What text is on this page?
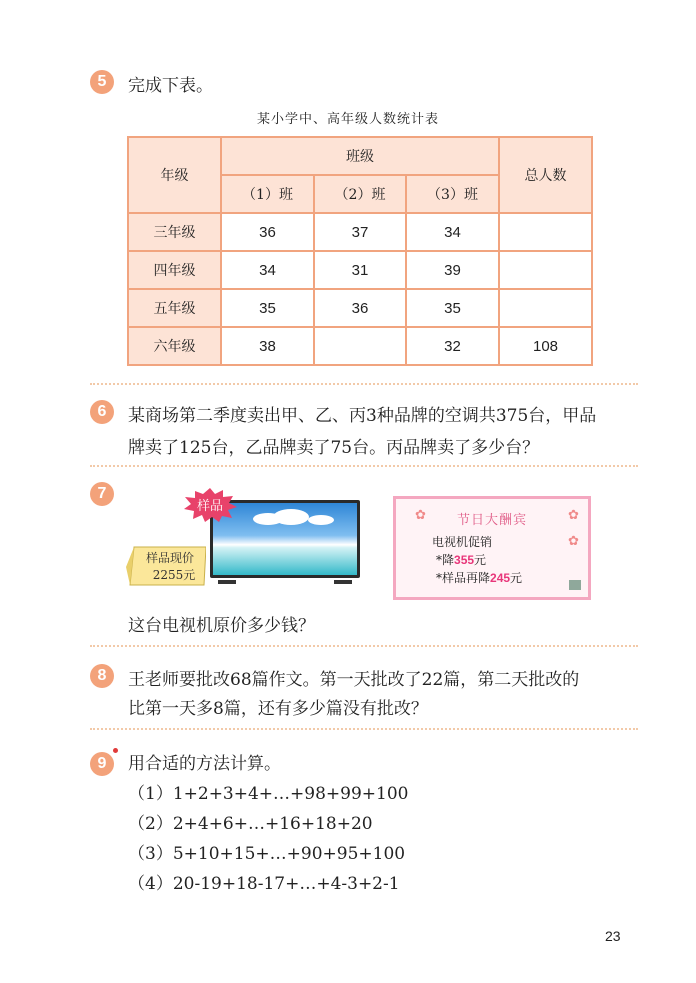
5	完成下表。
某小学中、高年级人数统计表
年级	班级			总人数
	（1）班	（2）班	（3）班	
三年级	36	37	34	
四年级	34	31	39	
五年级	35	36	35	
六年级	38		32	108
6	某商场第二季度卖出甲、乙、丙3种品牌的空调共375台，甲品
牌卖了125台，乙品牌卖了75台。丙品牌卖了多少台？
7
样品
样品现价
2255元
节日大酬宾
电视机促销
*降355元
*样品再降245元
✿	✿
✿
这台电视机原价多少钱？
8	王老师要批改68篇作文。第一天批改了22篇，第二天批改的
比第一天多8篇，还有多少篇没有批改？
9	用合适的方法计算。
（1）1+2+3+4+…+98+99+100
（2）2+4+6+…+16+18+20
（3）5+10+15+…+90+95+100
（4）20-19+18-17+…+4-3+2-1
23
